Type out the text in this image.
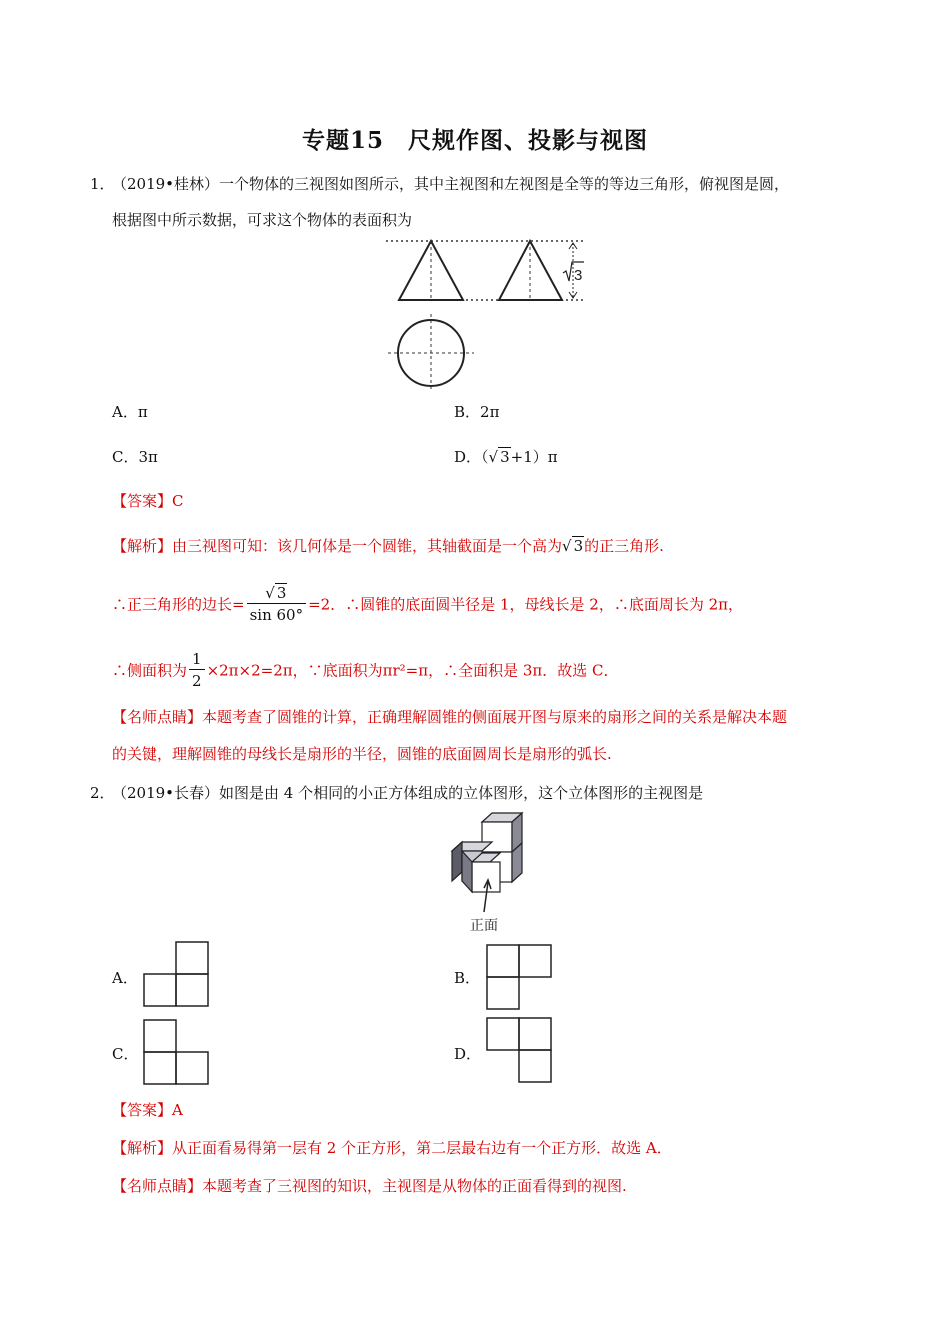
专题15　尺规作图、投影与视图
1．
（2019•桂林）一个物体的三视图如图所示，其中主视图和左视图是全等的等边三角形，俯视图是圆，
根据图中所示数据，可求这个物体的表面积为
3
A．π	B．2π
C．3π	D．（√ 3+1）π
【答案】C
【解析】由三视图可知：该几何体是一个圆锥，其轴截面是一个高为√ 3的正三角形.
∴正三角形的边长= $\frac{√ 3}{\sin 60^\circ} =2$．∴圆锥的底面圆半径是 1，母线长是 2，∴底面周长为 2π，
∴侧面积为 $\frac{1}{2} \times 2\pi\times 2=2\pi$，∵底面积为πr²=π，∴全面积是 3π．故选 C．
【名师点睛】本题考查了圆锥的计算，正确理解圆锥的侧面展开图与原来的扇形之间的关系是解决本题
的关键，理解圆锥的母线长是扇形的半径，圆锥的底面圆周长是扇形的弧长.
2．
（2019•长春）如图是由 4 个相同的小正方体组成的立体图形，这个立体图形的主视图是
正面
A．	B．
C．	D．
【答案】A
【解析】从正面看易得第一层有 2 个正方形，第二层最右边有一个正方形．故选 A．
【名师点睛】本题考查了三视图的知识，主视图是从物体的正面看得到的视图.
